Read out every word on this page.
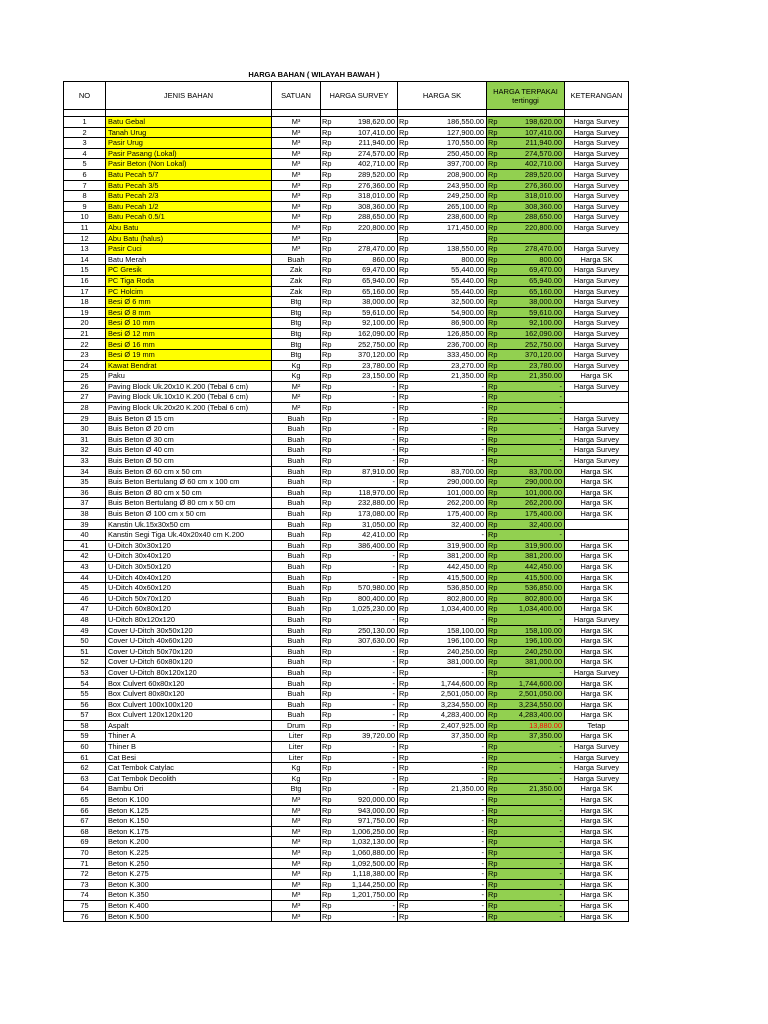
HARGA BAHAN ( WILAYAH BAWAH )
NO	JENIS BAHAN	SATUAN	HARGA SURVEY		HARGA SK		HARGA TERPAKAI tertinggi		KETERANGAN

1	Batu Gebal	M³	Rp	198,620.00	Rp	186,550.00	Rp	198,620.00	Harga Survey
2	Tanah Urug	M³	Rp	107,410.00	Rp	127,900.00	Rp	107,410.00	Harga Survey
3	Pasir Urug	M³	Rp	211,940.00	Rp	170,550.00	Rp	211,940.00	Harga Survey
4	Pasir Pasang (Lokal)	M³	Rp	274,570.00	Rp	250,450.00	Rp	274,570.00	Harga Survey
5	Pasir Beton (Non Lokal)	M³	Rp	402,710.00	Rp	397,700.00	Rp	402,710.00	Harga Survey
6	Batu Pecah 5/7	M³	Rp	289,520.00	Rp	208,900.00	Rp	289,520.00	Harga Survey
7	Batu Pecah 3/5	M³	Rp	276,360.00	Rp	243,950.00	Rp	276,360.00	Harga Survey
8	Batu Pecah 2/3	M³	Rp	318,010.00	Rp	249,250.00	Rp	318,010.00	Harga Survey
9	Batu Pecah 1/2	M³	Rp	308,360.00	Rp	265,100.00	Rp	308,360.00	Harga Survey
10	Batu Pecah 0.5/1	M³	Rp	288,650.00	Rp	238,600.00	Rp	288,650.00	Harga Survey
11	Abu Batu	M³	Rp	220,800.00	Rp	171,450.00	Rp	220,800.00	Harga Survey
12	Abu Batu (halus)	M³	Rp		Rp		Rp		
13	Pasir Cuci	M³	Rp	278,470.00	Rp	138,550.00	Rp	278,470.00	Harga Survey
14	Batu Merah	Buah	Rp	860.00	Rp	800.00	Rp	800.00	Harga SK
15	PC Gresik	Zak	Rp	69,470.00	Rp	55,440.00	Rp	69,470.00	Harga Survey
16	PC Tiga Roda	Zak	Rp	65,940.00	Rp	55,440.00	Rp	65,940.00	Harga Survey
17	PC Holcim	Zak	Rp	65,160.00	Rp	55,440.00	Rp	65,160.00	Harga Survey
18	Besi Ø 6 mm	Btg	Rp	38,000.00	Rp	32,500.00	Rp	38,000.00	Harga Survey
19	Besi Ø 8 mm	Btg	Rp	59,610.00	Rp	54,900.00	Rp	59,610.00	Harga Survey
20	Besi Ø 10 mm	Btg	Rp	92,100.00	Rp	86,900.00	Rp	92,100.00	Harga Survey
21	Besi Ø 12 mm	Btg	Rp	162,090.00	Rp	126,850.00	Rp	162,090.00	Harga Survey
22	Besi Ø 16 mm	Btg	Rp	252,750.00	Rp	236,700.00	Rp	252,750.00	Harga Survey
23	Besi Ø 19 mm	Btg	Rp	370,120.00	Rp	333,450.00	Rp	370,120.00	Harga Survey
24	Kawat Bendrat	Kg	Rp	23,780.00	Rp	23,270.00	Rp	23,780.00	Harga Survey
25	Paku	Kg	Rp	23,150.00	Rp	21,350.00	Rp	21,350.00	Harga SK
26	Paving Block Uk.20x10 K.200 (Tebal 6 cm)	M²	Rp	-	Rp	-	Rp	-	Harga Survey
27	Paving Block Uk.10x10 K.200 (Tebal 6 cm)	M²	Rp	-	Rp	-	Rp	-	
28	Paving Block Uk.20x20 K.200 (Tebal 6 cm)	M²	Rp	-	Rp	-	Rp	-	
29	Buis Beton Ø 15 cm	Buah	Rp	-	Rp	-	Rp	-	Harga Survey
30	Buis Beton Ø 20 cm	Buah	Rp	-	Rp	-	Rp	-	Harga Survey
31	Buis Beton Ø 30 cm	Buah	Rp	-	Rp	-	Rp	-	Harga Survey
32	Buis Beton Ø 40 cm	Buah	Rp	-	Rp	-	Rp	-	Harga Survey
33	Buis Beton Ø 50 cm	Buah	Rp	-	Rp	-	Rp	-	Harga Survey
34	Buis Beton Ø 60 cm x 50 cm	Buah	Rp	87,910.00	Rp	83,700.00	Rp	83,700.00	Harga SK
35	Buis Beton Bertulang Ø 60 cm x 100 cm	Buah	Rp	-	Rp	290,000.00	Rp	290,000.00	Harga SK
36	Buis Beton Ø 80 cm x 50 cm	Buah	Rp	118,970.00	Rp	101,000.00	Rp	101,000.00	Harga SK
37	Buis Beton Bertulang Ø 80 cm x 50 cm	Buah	Rp	232,880.00	Rp	262,200.00	Rp	262,200.00	Harga SK
38	Buis Beton Ø 100 cm x 50 cm	Buah	Rp	173,080.00	Rp	175,400.00	Rp	175,400.00	Harga SK
39	Kanstin Uk.15x30x50 cm	Buah	Rp	31,050.00	Rp	32,400.00	Rp	32,400.00	
40	Kanstin Segi Tiga Uk.40x20x40 cm K.200	Buah	Rp	42,410.00	Rp	-	Rp	-	
41	U-Ditch 30x30x120	Buah	Rp	386,400.00	Rp	319,900.00	Rp	319,900.00	Harga SK
42	U-Ditch 30x40x120	Buah	Rp	-	Rp	381,200.00	Rp	381,200.00	Harga SK
43	U-Ditch 30x50x120	Buah	Rp	-	Rp	442,450.00	Rp	442,450.00	Harga SK
44	U-Ditch 40x40x120	Buah	Rp	-	Rp	415,500.00	Rp	415,500.00	Harga SK
45	U-Ditch 40x60x120	Buah	Rp	570,980.00	Rp	536,850.00	Rp	536,850.00	Harga SK
46	U-Ditch 50x70x120	Buah	Rp	800,400.00	Rp	802,800.00	Rp	802,800.00	Harga SK
47	U-Ditch 60x80x120	Buah	Rp	1,025,230.00	Rp	1,034,400.00	Rp	1,034,400.00	Harga SK
48	U-Ditch 80x120x120	Buah	Rp	-	Rp	-	Rp	-	Harga Survey
49	Cover U-Ditch 30x50x120	Buah	Rp	250,130.00	Rp	158,100.00	Rp	158,100.00	Harga SK
50	Cover U-Ditch 40x60x120	Buah	Rp	307,630.00	Rp	196,100.00	Rp	196,100.00	Harga SK
51	Cover U-Ditch 50x70x120	Buah	Rp	-	Rp	240,250.00	Rp	240,250.00	Harga SK
52	Cover U-Ditch 60x80x120	Buah	Rp	-	Rp	381,000.00	Rp	381,000.00	Harga SK
53	Cover U-Ditch 80x120x120	Buah	Rp	-	Rp	-	Rp	-	Harga Survey
54	Box Culvert 60x80x120	Buah	Rp	-	Rp	1,744,600.00	Rp	1,744,600.00	Harga SK
55	Box Culvert 80x80x120	Buah	Rp	-	Rp	2,501,050.00	Rp	2,501,050.00	Harga SK
56	Box Culvert 100x100x120	Buah	Rp	-	Rp	3,234,550.00	Rp	3,234,550.00	Harga SK
57	Box Culvert 120x120x120	Buah	Rp	-	Rp	4,283,400.00	Rp	4,283,400.00	Harga SK
58	Aspalt	Drum	Rp	-	Rp	2,407,925.00	Rp	13,880.00	Tetap
59	Thiner A	Liter	Rp	39,720.00	Rp	37,350.00	Rp	37,350.00	Harga SK
60	Thiner B	Liter	Rp	-	Rp	-	Rp	-	Harga Survey
61	Cat Besi	Liter	Rp	-	Rp	-	Rp	-	Harga Survey
62	Cat Tembok Catylac	Kg	Rp	-	Rp	-	Rp	-	Harga Survey
63	Cat Tembok Decolith	Kg	Rp	-	Rp	-	Rp	-	Harga Survey
64	Bambu Ori	Btg	Rp	-	Rp	21,350.00	Rp	21,350.00	Harga SK
65	Beton K.100	M³	Rp	920,000.00	Rp	-	Rp	-	Harga SK
66	Beton K.125	M³	Rp	943,000.00	Rp	-	Rp	-	Harga SK
67	Beton K.150	M³	Rp	971,750.00	Rp	-	Rp	-	Harga SK
68	Beton K.175	M³	Rp	1,006,250.00	Rp	-	Rp	-	Harga SK
69	Beton K.200	M³	Rp	1,032,130.00	Rp	-	Rp	-	Harga SK
70	Beton K.225	M³	Rp	1,060,880.00	Rp	-	Rp	-	Harga SK
71	Beton K.250	M³	Rp	1,092,500.00	Rp	-	Rp	-	Harga SK
72	Beton K.275	M³	Rp	1,118,380.00	Rp	-	Rp	-	Harga SK
73	Beton K.300	M³	Rp	1,144,250.00	Rp	-	Rp	-	Harga SK
74	Beton K.350	M³	Rp	1,201,750.00	Rp	-	Rp	-	Harga SK
75	Beton K.400	M³	Rp	-	Rp	-	Rp	-	Harga SK
76	Beton K.500	M³	Rp	-	Rp	-	Rp	-	Harga SK
